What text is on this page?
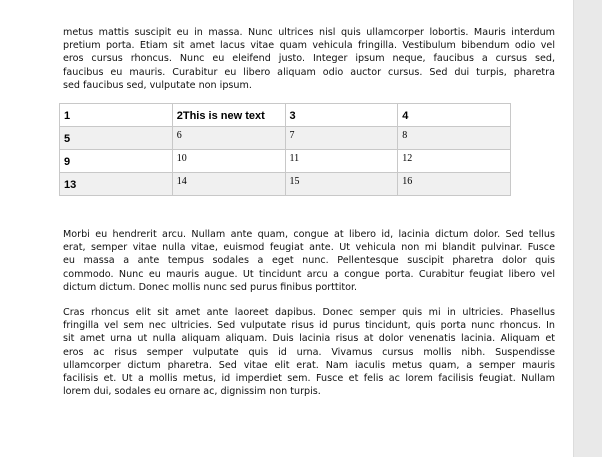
metus mattis suscipit eu in massa. Nunc ultrices nisl quis ullamcorper lobortis. Mauris interdum
pretium porta. Etiam sit amet lacus vitae quam vehicula fringilla. Vestibulum bibendum odio vel
eros cursus rhoncus. Nunc eu eleifend justo. Integer ipsum neque, faucibus a cursus sed,
faucibus eu mauris. Curabitur eu libero aliquam odio auctor cursus. Sed dui turpis, pharetra
sed faucibus sed, vulputate non ipsum.
1	2This is new text	3	4
5	6	7	8
9	10	11	12
13	14	15	16
Morbi eu hendrerit arcu. Nullam ante quam, congue at libero id, lacinia dictum dolor. Sed tellus
erat, semper vitae nulla vitae, euismod feugiat ante. Ut vehicula non mi blandit pulvinar. Fusce
eu massa a ante tempus sodales a eget nunc. Pellentesque suscipit pharetra dolor quis
commodo. Nunc eu mauris augue. Ut tincidunt arcu a congue porta. Curabitur feugiat libero vel
dictum dictum. Donec mollis nunc sed purus finibus porttitor.
Cras rhoncus elit sit amet ante laoreet dapibus. Donec semper quis mi in ultricies. Phasellus
fringilla vel sem nec ultricies. Sed vulputate risus id purus tincidunt, quis porta nunc rhoncus. In
sit amet urna ut nulla aliquam aliquam. Duis lacinia risus at dolor venenatis lacinia. Aliquam et
eros ac risus semper vulputate quis id urna. Vivamus cursus mollis nibh. Suspendisse
ullamcorper dictum pharetra. Sed vitae elit erat. Nam iaculis metus quam, a semper mauris
facilisis et. Ut a mollis metus, id imperdiet sem. Fusce et felis ac lorem facilisis feugiat. Nullam
lorem dui, sodales eu ornare ac, dignissim non turpis.
